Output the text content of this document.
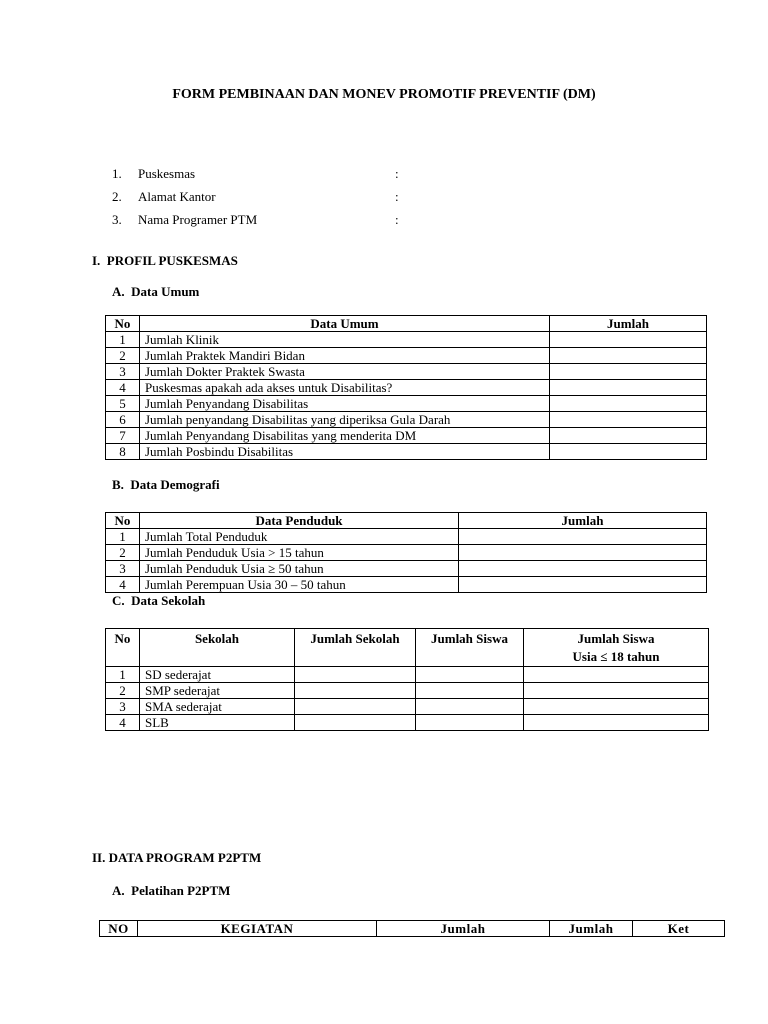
FORM PEMBINAAN DAN MONEV PROMOTIF PREVENTIF (DM)
1. Puskesmas	:
2. Alamat Kantor	:
3. Nama Programer PTM	:
I.  PROFIL PUSKESMAS
A.  Data Umum
No	Data Umum	Jumlah
1	Jumlah Klinik	
2	Jumlah Praktek Mandiri Bidan	
3	Jumlah Dokter Praktek Swasta	
4	Puskesmas apakah ada akses untuk Disabilitas?	
5	Jumlah Penyandang Disabilitas	
6	Jumlah penyandang Disabilitas yang diperiksa Gula Darah	
7	Jumlah Penyandang Disabilitas yang menderita DM	
8	Jumlah Posbindu Disabilitas	
B.  Data Demografi
No	Data Penduduk	Jumlah
1	Jumlah Total Penduduk	
2	Jumlah Penduduk Usia > 15 tahun	
3	Jumlah Penduduk Usia ≥ 50 tahun	
4	Jumlah Perempuan Usia 30 – 50 tahun	
C.  Data Sekolah
No	Sekolah	Jumlah Sekolah	Jumlah Siswa	Jumlah Siswa
Usia ≤ 18 tahun
1	SD sederajat			
2	SMP sederajat			
3	SMA sederajat			
4	SLB			
II. DATA PROGRAM P2PTM
A.  Pelatihan P2PTM
NO	KEGIATAN	Jumlah	Jumlah	Ket
